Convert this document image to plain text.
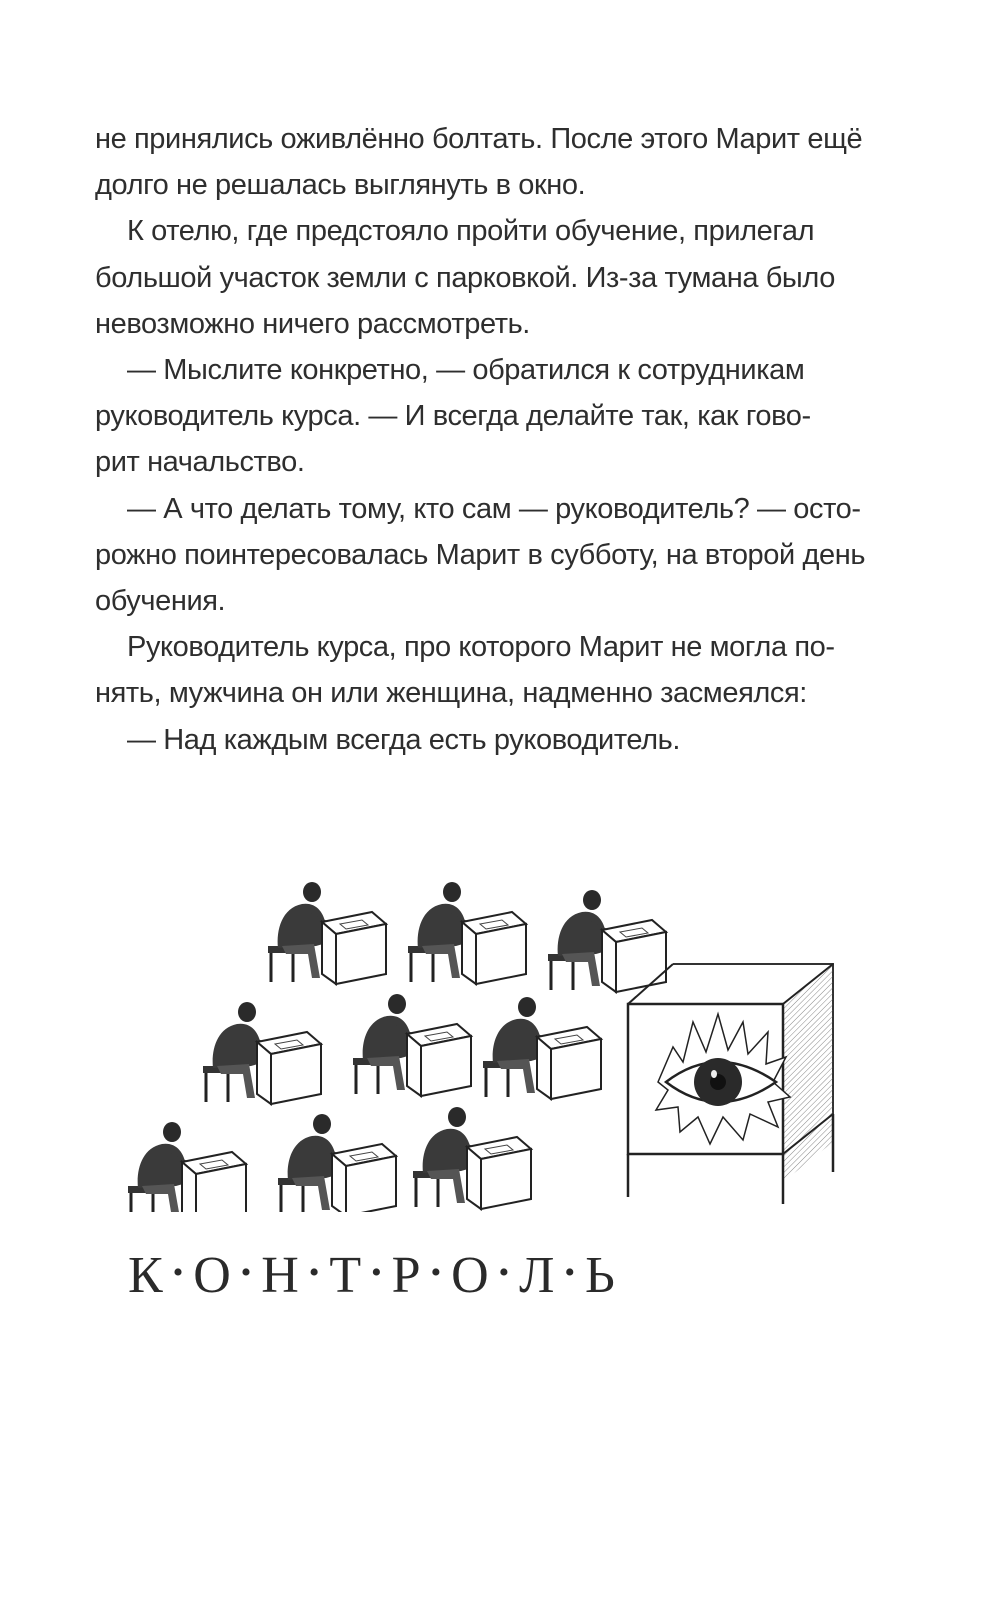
не принялись оживлённо болтать. После этого Марит ещё
долго не решалась выглянуть в окно.
К отелю, где предстояло пройти обучение, прилегал
большой участок земли с парковкой. Из-за тумана было
невозможно ничего рассмотреть.
— Мыслите конкретно, — обратился к сотрудникам
руководитель курса. — И всегда делайте так, как гово-
рит начальство.
— А что делать тому, кто сам — руководитель? — осто-
рожно поинтересовалась Марит в субботу, на второй день
обучения.
Руководитель курса, про которого Марит не могла по-
нять, мужчина он или женщина, надменно засмеялся:
— Над каждым всегда есть руководитель.
К • О • Н • Т • Р • О • Л • Ь
